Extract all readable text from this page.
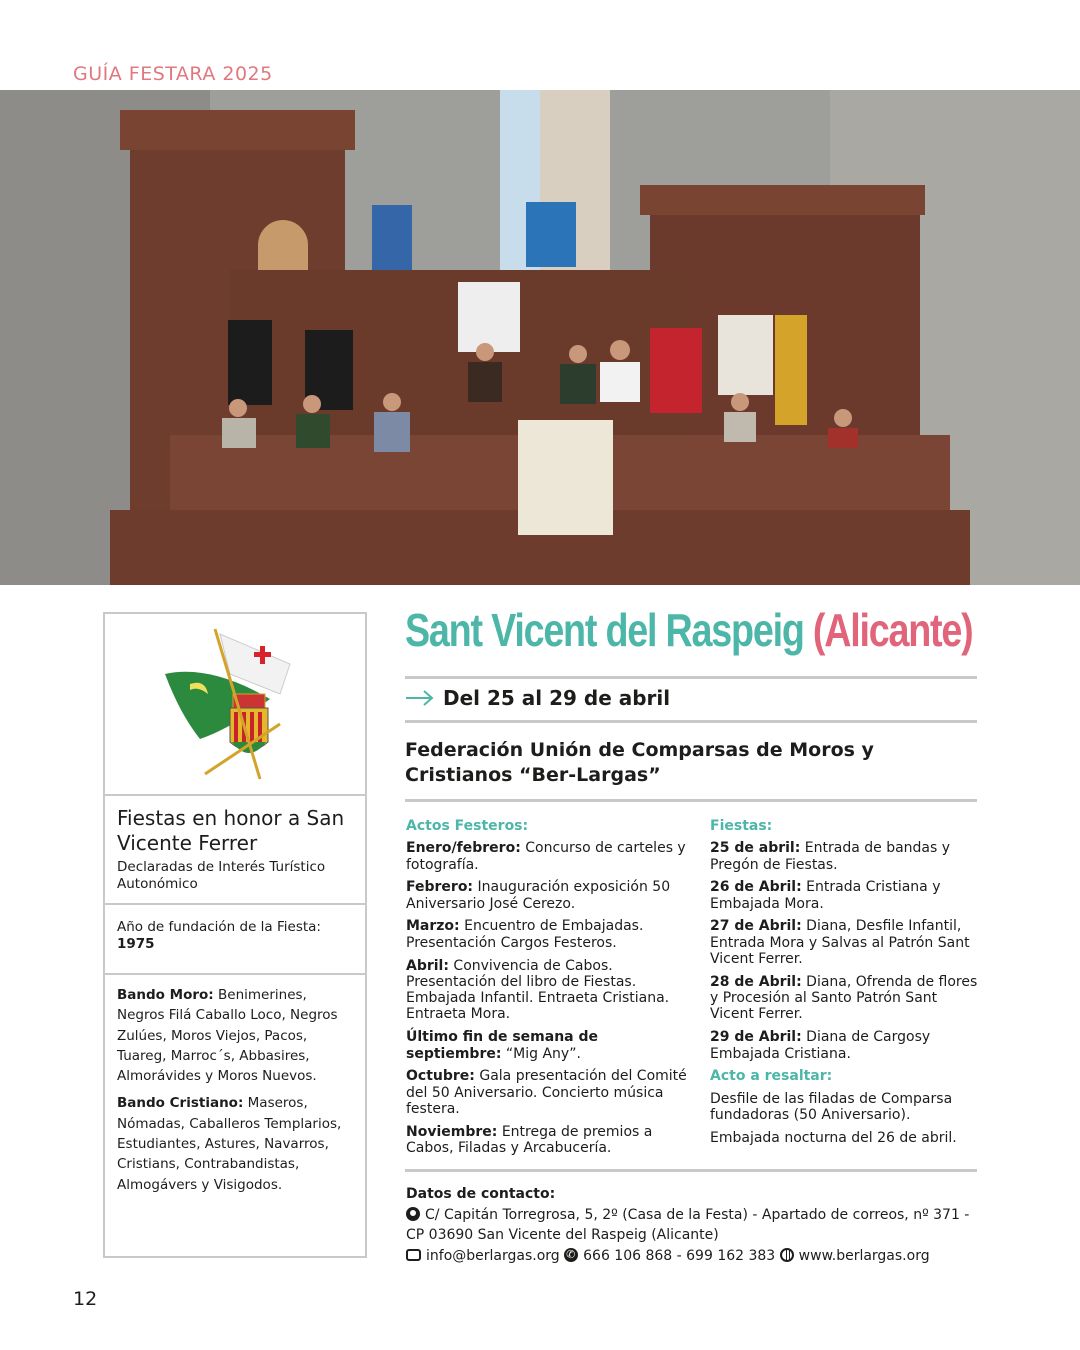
GUÍA FESTARA 2025
Fiestas en honor a San Vicente Ferrer
Declaradas de Interés Turístico Autonómico
Año de fundación de la Fiesta: 1975

Bando Moro: Benimerines, Negros Filá Caballo Loco, Negros Zulúes, Moros Viejos, Pacos, Tuareg, Marroc´s, Abbasires, Almorávides y Moros Nuevos.

Bando Cristiano: Maseros, Nómadas, Caballeros Templarios, Estudiantes, Astures, Navarros, Cristians, Contrabandistas, Almogávers y Visigodos.

Sant Vicent del Raspeig (Alicante)
Del 25 al 29 de abril
Federación Unión de Comparsas de Moros y Cristianos “Ber-Largas”
Actos Festeros:

Enero/febrero: Concurso de carteles y fotografía.

Febrero: Inauguración exposición 50 Aniversario José Cerezo.

Marzo: Encuentro de Embajadas. Presentación Cargos Festeros.

Abril: Convivencia de Cabos. Presentación del libro de Fiestas. Embajada Infantil. Entraeta Cristiana. Entraeta Mora.

Último fin de semana de septiembre: “Mig Any”.

Octubre: Gala presentación del Comité del 50 Aniversario. Concierto música festera.

Noviembre: Entrega de premios a Cabos, Filadas y Arcabucería.

Fiestas:

25 de abril: Entrada de bandas y Pregón de Fiestas.

26 de Abril: Entrada Cristiana y Embajada Mora.

27 de Abril: Diana, Desfile Infantil, Entrada Mora y Salvas al Patrón Sant Vicent Ferrer.

28 de Abril: Diana, Ofrenda de flores y Procesión al Santo Patrón Sant Vicent Ferrer.

29 de Abril: Diana de Cargosy Embajada Cristiana.

Acto a resaltar:

Desfile de las filadas de Comparsa fundadoras (50 Aniversario).

Embajada nocturna del 26 de abril.

Datos de contacto:
C/ Capitán Torregrosa, 5, 2º (Casa de la Festa) - Apartado de correos, nº 371 - CP 03690 San Vicente del Raspeig (Alicante)
info@berlargas.org ✆ 666 106 868 - 699 162 383 www.berlargas.org
12
